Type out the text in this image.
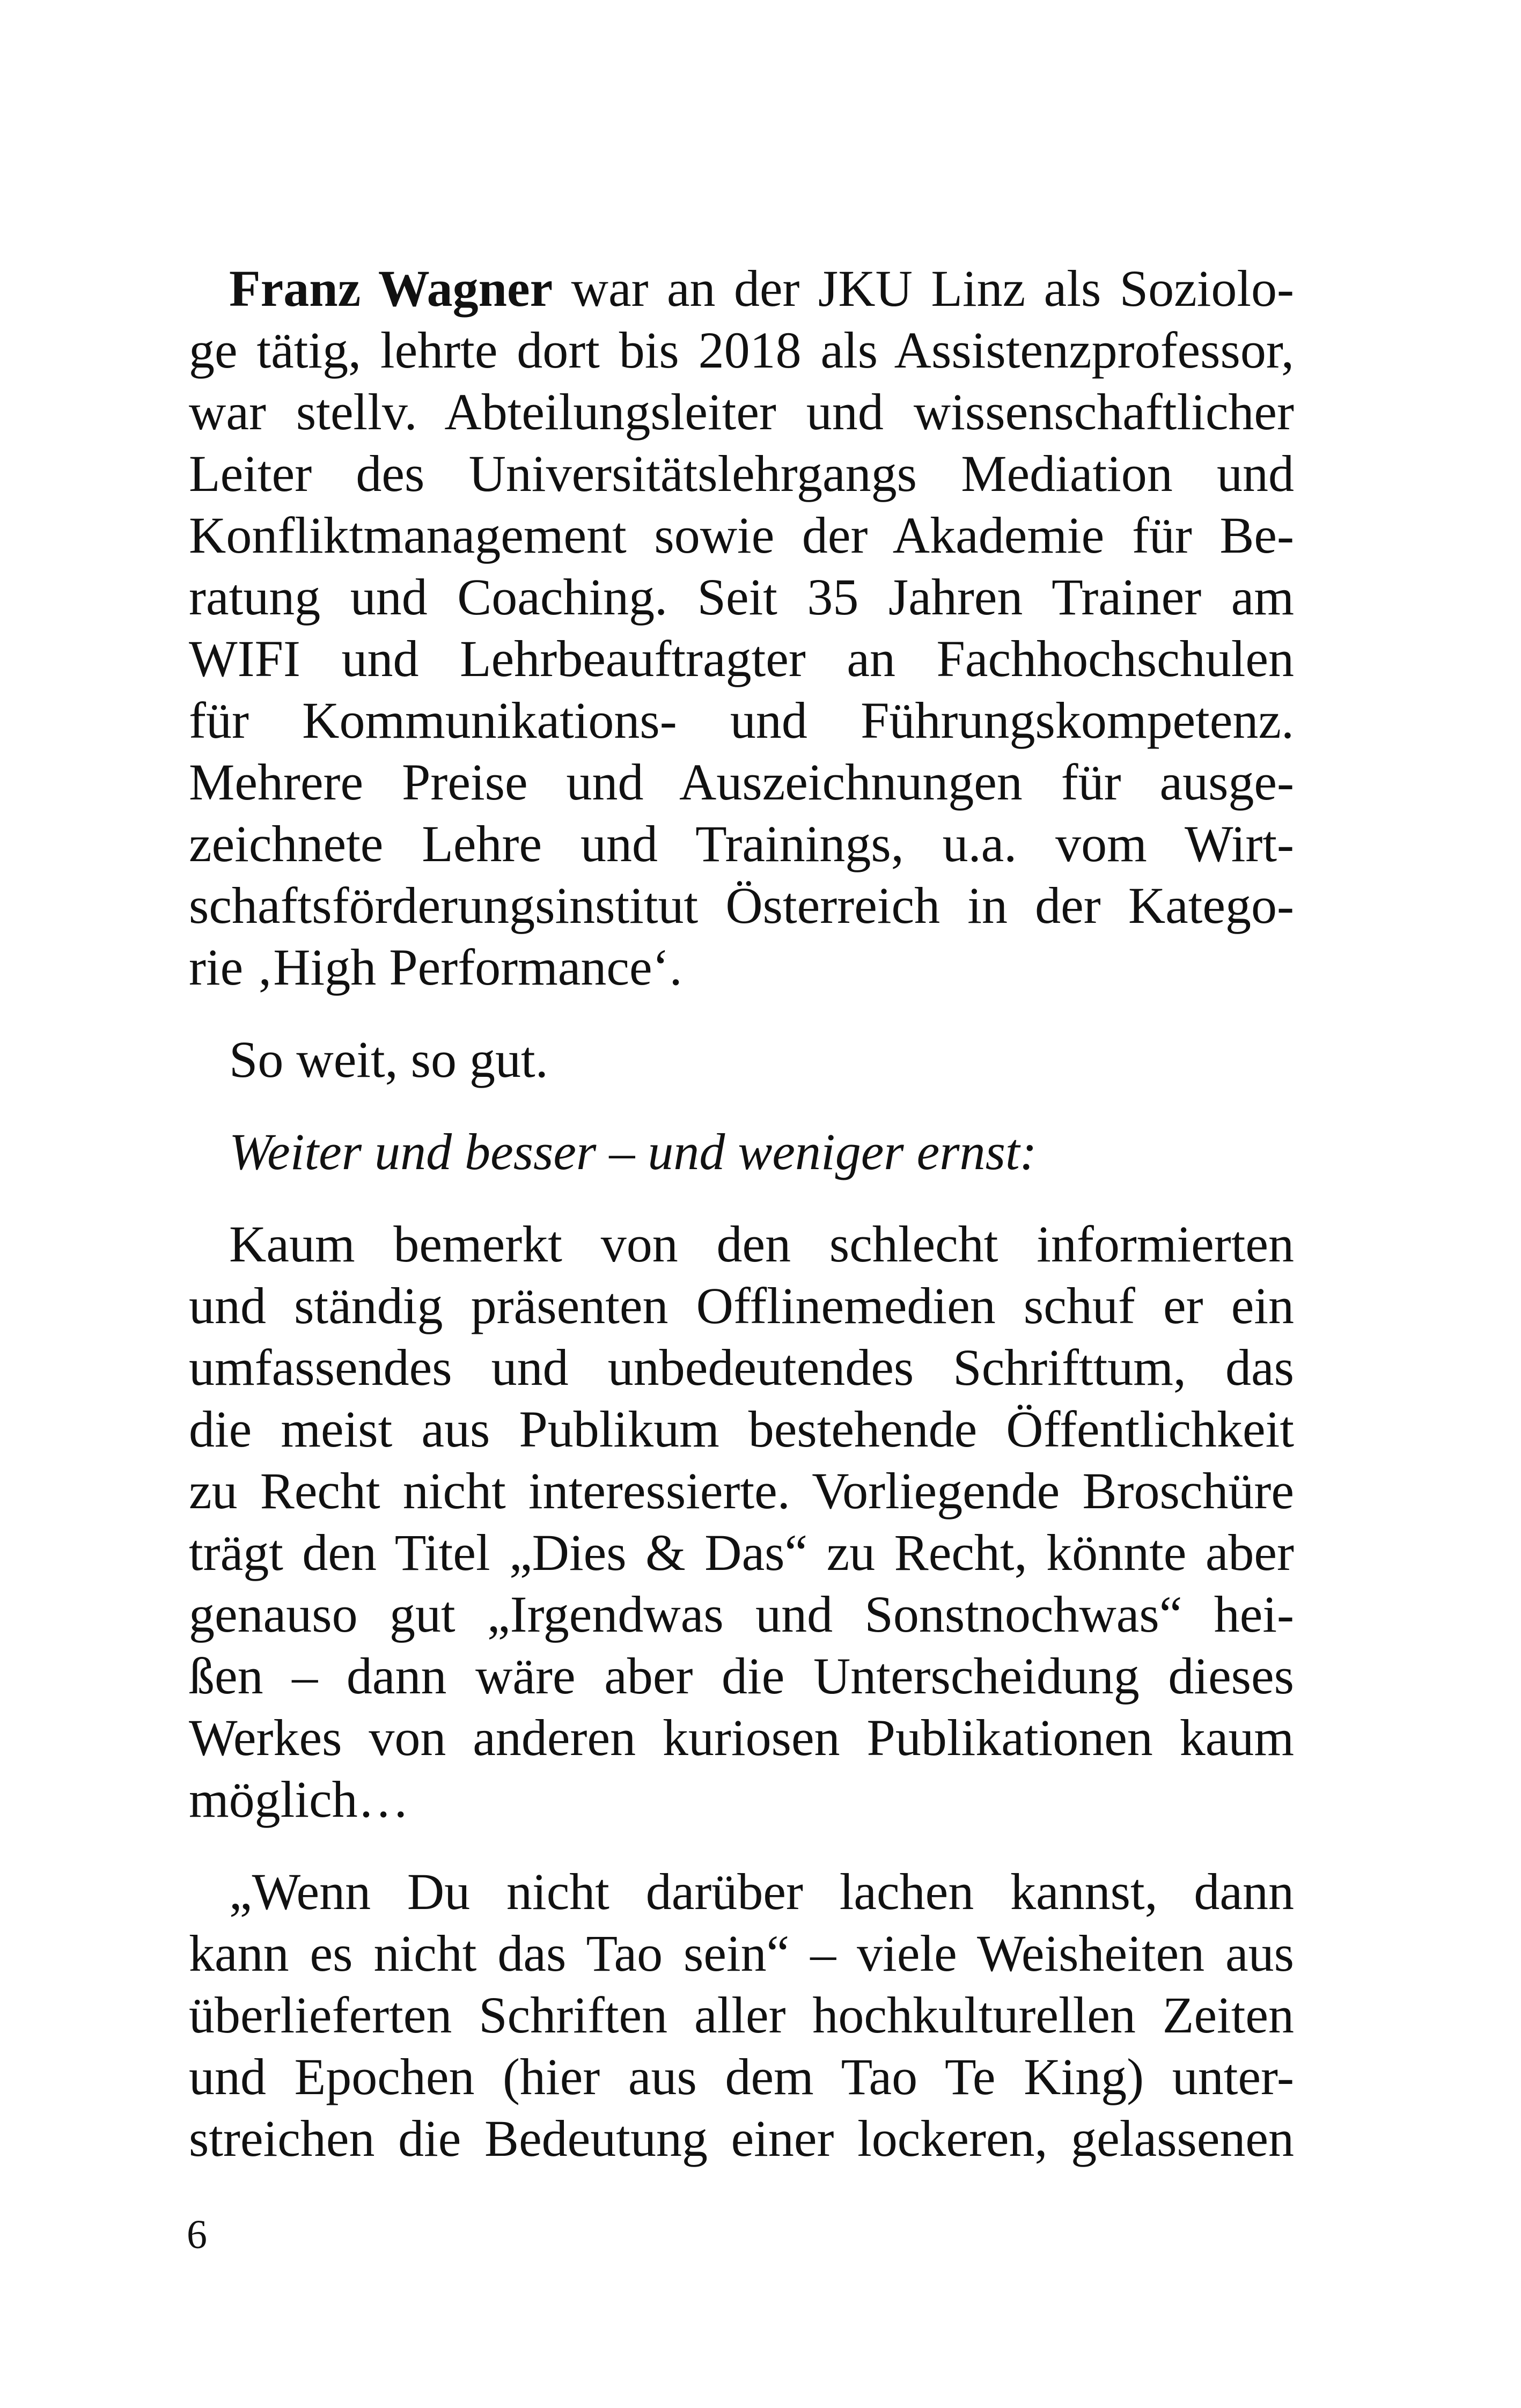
Franz Wagner war an der JKU Linz als Soziolo-
ge tätig, lehrte dort bis 2018 als Assistenzprofessor,
war stellv. Abteilungsleiter und wissenschaftlicher
Leiter des Universitätslehrgangs Mediation und
Konfliktmanagement sowie der Akademie für Be-
ratung und Coaching. Seit 35 Jahren Trainer am
WIFI und Lehrbeauftragter an Fachhochschulen
für Kommunikations- und Führungskompetenz.
Mehrere Preise und Auszeichnungen für ausge-
zeichnete Lehre und Trainings, u.a. vom Wirt-
schaftsförderungsinstitut Österreich in der Katego-
rie ‚High Performance‘.
So weit, so gut.
Weiter und besser – und weniger ernst:
Kaum bemerkt von den schlecht informierten
und ständig präsenten Offlinemedien schuf er ein
umfassendes und unbedeutendes Schrifttum, das
die meist aus Publikum bestehende Öffentlichkeit
zu Recht nicht interessierte. Vorliegende Broschüre
trägt den Titel „Dies & Das“ zu Recht, könnte aber
genauso gut „Irgendwas und Sonstnochwas“ hei-
ßen – dann wäre aber die Unterscheidung dieses
Werkes von anderen kuriosen Publikationen kaum
möglich…
„Wenn Du nicht darüber lachen kannst, dann
kann es nicht das Tao sein“ – viele Weisheiten aus
überlieferten Schriften aller hochkulturellen Zeiten
und Epochen (hier aus dem Tao Te King) unter-
streichen die Bedeutung einer lockeren, gelassenen
6
